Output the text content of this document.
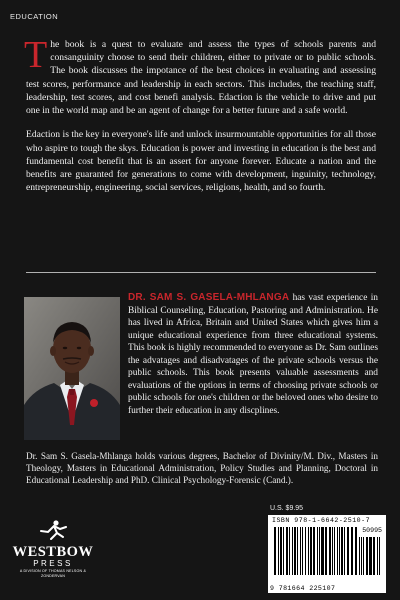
EDUCATION

The book is a quest to evaluate and assess the types of schools parents and consanguinity choose to send their children, either to private or to public schools. The book discusses the impotance of the best choices in evaluating and assessing test scores, performance and leadership in each sectors. This includes, the teaching staff, leadership, test scores, and cost benefi analysis. Edaction is the vehicle to drive and put one in the world map and be an agent of change for a better future and a safe world.

Edaction is the key in everyone's life and unlock insurmountable opportunities for all those who aspire to tough the skys. Education is power and investing in education is the best and fundamental cost benefit that is an assert for anyone forever. Educate a nation and the benefits are guaranted for generations to come with development, inguinity, technology, entrepreneurship, engineering, social services, religions, health, and so fourth.

DR. SAM S. GASELA-MHLANGA has vast experience in Biblical Counseling, Education, Pastoring and Administration. He has lived in Africa, Britain and United States which gives him a unique educational experience from three educational systems. This book is highly recommended to everyone as Dr. Sam outlines the advatages and disadvatages of the private schools versus the public schools. This book presents valuable assessments and evaluations of the options in terms of choosing private schools or public schools for one's children or the beloved ones who desire to further their education in any discplines.

Dr. Sam S. Gasela-Mhlanga holds various degrees, Bachelor of Divinity/M. Div., Masters in Theology, Masters in Educational Administration, Policy Studies and Planning, Doctoral in Educational Leadership and PhD. Clinical Psychology-Forensic (Cand.).

WESTBOW
PRESS
A DIVISION OF THOMAS NELSON & ZONDERVAN
U.S. $9.95
ISBN 978-1-6642-2510-7
50995
9 781664 225107
